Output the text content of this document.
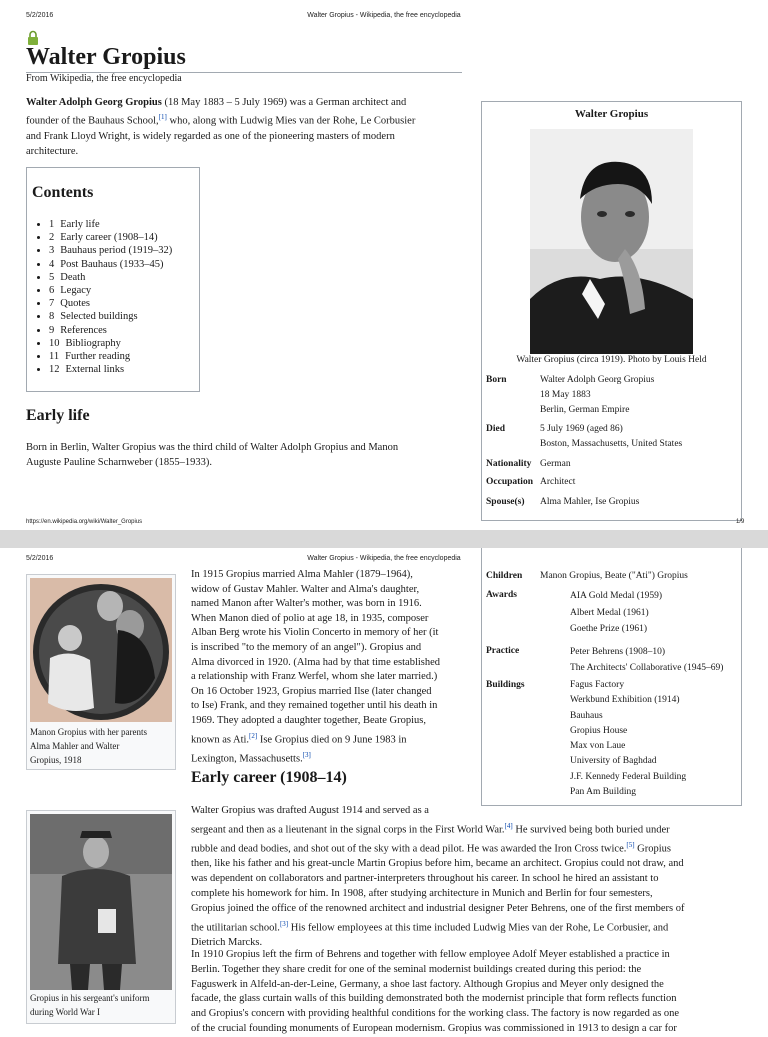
5/2/2016	Walter Gropius - Wikipedia, the free encyclopedia
Walter Gropius
From Wikipedia, the free encyclopedia
Walter Adolph Georg Gropius (18 May 1883 – 5 July 1969) was a German architect and
founder of the Bauhaus School,[1] who, along with Ludwig Mies van der Rohe, Le Corbusier
and Frank Lloyd Wright, is widely regarded as one of the pioneering masters of modern
architecture.
Contents
• 1 Early life
• 2 Early career (1908–14)
• 3 Bauhaus period (1919–32)
• 4 Post Bauhaus (1933–45)
• 5 Death
• 6 Legacy
• 7 Quotes
• 8 Selected buildings
• 9 References
• 10 Bibliography
• 11 Further reading
• 12 External links
Early life
Born in Berlin, Walter Gropius was the third child of Walter Adolph Gropius and Manon
Auguste Pauline Scharnweber (1855–1933).
Walter Gropius
Walter Gropius (circa 1919). Photo by Louis Held
Born	Walter Adolph Georg Gropius
18 May 1883
Berlin, German Empire
Died	5 July 1969 (aged 86)
Boston, Massachusetts, United States
Nationality German
Occupation Architect
Spouse(s) Alma Mahler, Ise Gropius
https://en.wikipedia.org/wiki/Walter_Gropius	1/9
5/2/2016	Walter Gropius - Wikipedia, the free encyclopedia
Children Manon Gropius, Beate ("Ati") Gropius
Awards	AIA Gold Medal (1959)
Albert Medal (1961)
Goethe Prize (1961)
Practice	Peter Behrens (1908–10)
The Architects' Collaborative (1945–69)
Buildings	Fagus Factory
Werkbund Exhibition (1914)
Bauhaus
Gropius House
Max von Laue
University of Baghdad
J.F. Kennedy Federal Building
Pan Am Building
Manon Gropius with her parents
Alma Mahler and Walter
Gropius, 1918
In 1915 Gropius married Alma Mahler (1879–1964),
widow of Gustav Mahler. Walter and Alma's daughter,
named Manon after Walter's mother, was born in 1916.
When Manon died of polio at age 18, in 1935, composer
Alban Berg wrote his Violin Concerto in memory of her (it
is inscribed "to the memory of an angel"). Gropius and
Alma divorced in 1920. (Alma had by that time established
a relationship with Franz Werfel, whom she later married.)
On 16 October 1923, Gropius married Ilse (later changed
to Ise) Frank, and they remained together until his death in
1969. They adopted a daughter together, Beate Gropius,
known as Ati.[2] Ise Gropius died on 9 June 1983 in
Lexington, Massachusetts.[3]
Early career (1908–14)
Gropius in his sergeant's uniform
during World War I
Walter Gropius was drafted August 1914 and served as a
sergeant and then as a lieutenant in the signal corps in the First World War.[4] He survived being both buried under
rubble and dead bodies, and shot out of the sky with a dead pilot. He was awarded the Iron Cross twice.[5] Gropius
then, like his father and his great-uncle Martin Gropius before him, became an architect. Gropius could not draw, and
was dependent on collaborators and partner-interpreters throughout his career. In school he hired an assistant to
complete his homework for him. In 1908, after studying architecture in Munich and Berlin for four semesters,
Gropius joined the office of the renowned architect and industrial designer Peter Behrens, one of the first members of
the utilitarian school.[3] His fellow employees at this time included Ludwig Mies van der Rohe, Le Corbusier, and
Dietrich Marcks.
In 1910 Gropius left the firm of Behrens and together with fellow employee Adolf Meyer established a practice in
Berlin. Together they share credit for one of the seminal modernist buildings created during this period: the
Faguswerk in Alfeld-an-der-Leine, Germany, a shoe last factory. Although Gropius and Meyer only designed the
facade, the glass curtain walls of this building demonstrated both the modernist principle that form reflects function
and Gropius's concern with providing healthful conditions for the working class. The factory is now regarded as one
of the crucial founding monuments of European modernism. Gropius was commissioned in 1913 to design a car for
